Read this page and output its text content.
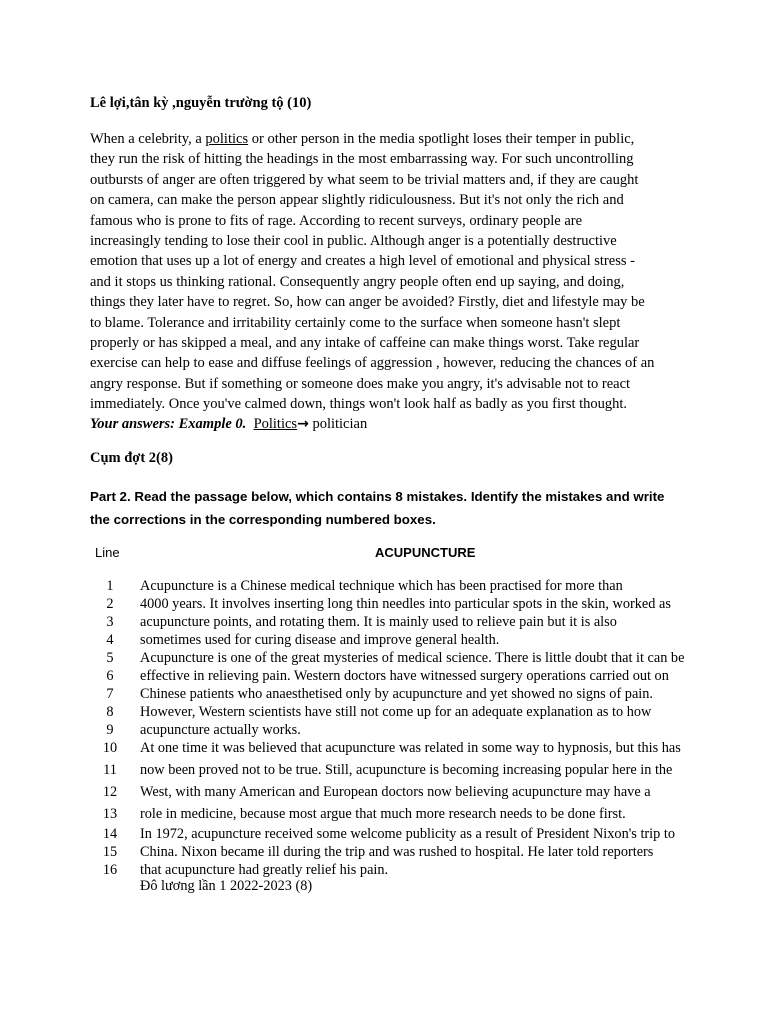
Lê lợi,tân kỳ ,nguyễn trường tộ (10)
When a celebrity, a politics or other person in the media spotlight loses their temper in public,
they run the risk of hitting the headings in the most embarrassing way. For such uncontrolling
outbursts of anger are often triggered by what seem to be trivial matters and, if they are caught
on camera, can make the person appear slightly ridiculousness. But it's not only the rich and
famous who is prone to fits of rage. According to recent surveys, ordinary people are
increasingly tending to lose their cool in public. Although anger is a potentially destructive
emotion that uses up a lot of energy and creates a high level of emotional and physical stress -
and it stops us thinking rational. Consequently angry people often end up saying, and doing,
things they later have to regret. So, how can anger be avoided? Firstly, diet and lifestyle may be
to blame. Tolerance and irritability certainly come to the surface when someone hasn't slept
properly or has skipped a meal, and any intake of caffeine can make things worst. Take regular
exercise can help to ease and diffuse feelings of aggression , however, reducing the chances of an
angry response. But if something or someone does make you angry, it's advisable not to react
immediately. Once you've calmed down, things won't look half as badly as you first thought.
Your answers: Example 0. Politics→ politician
Cụm đợt 2(8)
Part 2. Read the passage below, which contains 8 mistakes. Identify the mistakes and write
the corrections in the corresponding numbered boxes.
Line	ACUPUNCTURE
1	Acupuncture is a Chinese medical technique which has been practised for more than
2	4000 years. It involves inserting long thin needles into particular spots in the skin, worked as
3	acupuncture points, and rotating them. It is mainly used to relieve pain but it is also
4	sometimes used for curing disease and improve general health.
5	Acupuncture is one of the great mysteries of medical science. There is little doubt that it can be
6	effective in relieving pain. Western doctors have witnessed surgery operations carried out on
7	Chinese patients who anaesthetised only by acupuncture and yet showed no signs of pain.
8	However, Western scientists have still not come up for an adequate explanation as to how
9	acupuncture actually works.
10	At one time it was believed that acupuncture was related in some way to hypnosis, but this has
11	now been proved not to be true. Still, acupuncture is becoming increasing popular here in the
12	West, with many American and European doctors now believing acupuncture may have a
13	role in medicine, because most argue that much more research needs to be done first.
14	In 1972, acupuncture received some welcome publicity as a result of President Nixon's trip to
15	China. Nixon became ill during the trip and was rushed to hospital. He later told reporters
16	that acupuncture had greatly relief his pain.
Đô lương lần 1 2022-2023 (8)
